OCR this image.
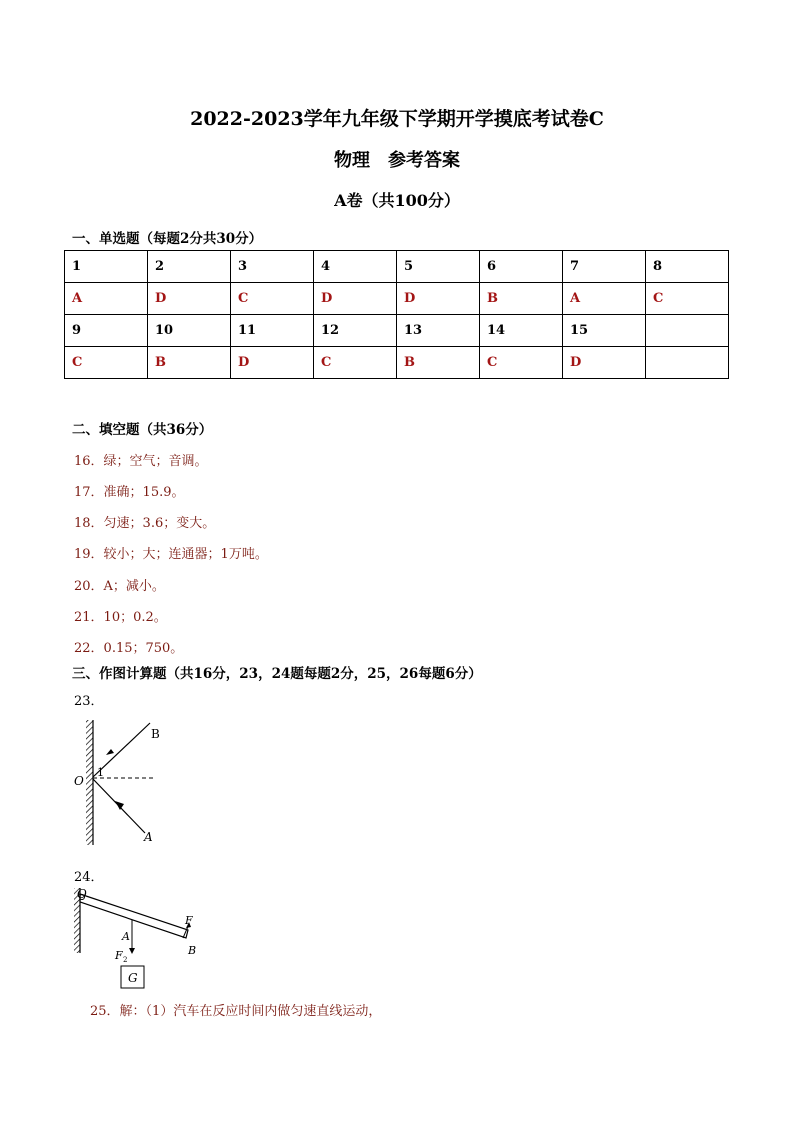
2022-2023学年九年级下学期开学摸底考试卷C
物理　参考答案
A卷（共100分）
一、单选题（每题2分共30分）
1	2	3	4	5	6	7	8
A	D	C	D	D	B	A	C
9	10	11	12	13	14	15	
C	B	D	C	B	C	D	
二、填空题（共36分）
16．绿；空气；音调。
17．准确；15.9。
18．匀速；3.6；变大。
19．较小；大；连通器；1万吨。
20．A；减小。
21．10；0.2。
22．0.15；750。
三、作图计算题（共16分，23，24题每题2分，25，26每题6分）
23．
B
A
O
1
24．
O
A
B
F
F 2
G
25．解：（1）汽车在反应时间内做匀速直线运动，
